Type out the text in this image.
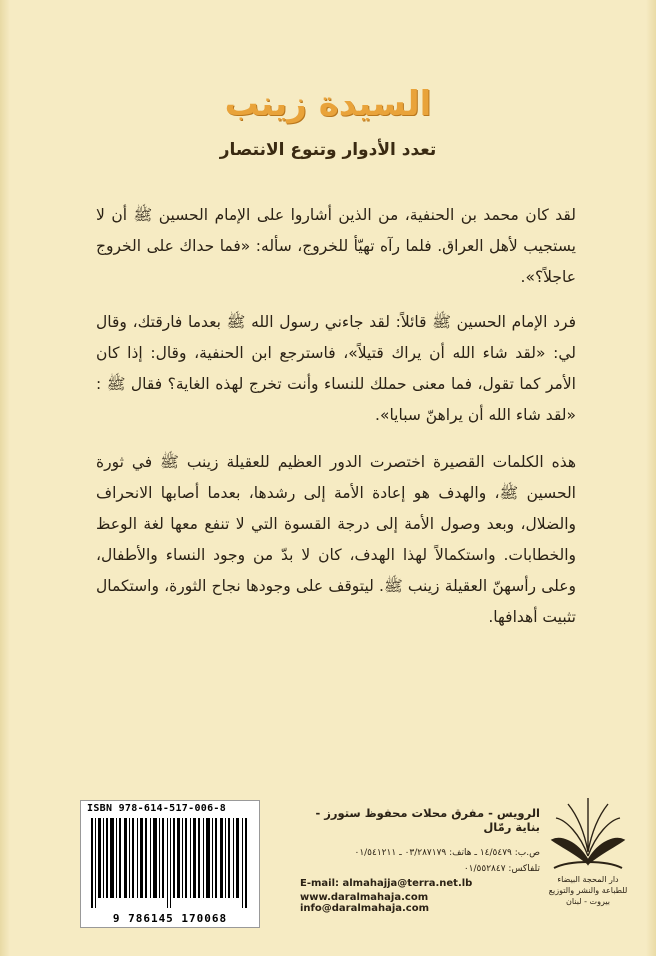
السيدة زينب
تعدد الأدوار وتنوع الانتصار

لقد كان محمد بن الحنفية، من الذين أشاروا على الإمام الحسين ﷺ أن لا يستجيب لأهل العراق. فلما رآه تهيّأ للخروج، سأله: «فما حداك على الخروج عاجلاً؟».

فرد الإمام الحسين ﷺ قائلاً: لقد جاءني رسول الله ﷺ بعدما فارقتك، وقال لي: «لقد شاء الله أن يراك قتيلاً»، فاسترجع ابن الحنفية، وقال: إذا كان الأمر كما تقول، فما معنى حملك للنساء وأنت تخرج لهذه الغاية؟ فقال ﷺ : «لقد شاء الله أن يراهنّ سبايا».

هذه الكلمات القصيرة اختصرت الدور العظيم للعقيلة زينب ﷺ في ثورة الحسين ﷺ، والهدف هو إعادة الأمة إلى رشدها، بعدما أصابها الانحراف والضلال، وبعد وصول الأمة إلى درجة القسوة التي لا تنفع معها لغة الوعظ والخطابات. واستكمالاً لهذا الهدف، كان لا بدّ من وجود النساء والأطفال، وعلى رأسهنّ العقيلة زينب ﷺ. ليتوقف على وجودها نجاح الثورة، واستكمال تثبيت أهدافها.

ISBN 978-614-517-006-8
9 786145 170068
الرويس - مفرق محلات محفوظ ستورز - بناية رمّال
ص.ب: ١٤/٥٤٧٩ ـ هاتف: ٠٣/٢٨٧١٧٩ ـ ٠١/٥٤١٢١١
تلفاكس: ٠١/٥٥٢٨٤٧
E-mail: almahajja@terra.net.lb
www.daralmahaja.com info@daralmahaja.com
دار المحجة البيضاء
للطباعة والنشر والتوزيع بيروت - لبنان
